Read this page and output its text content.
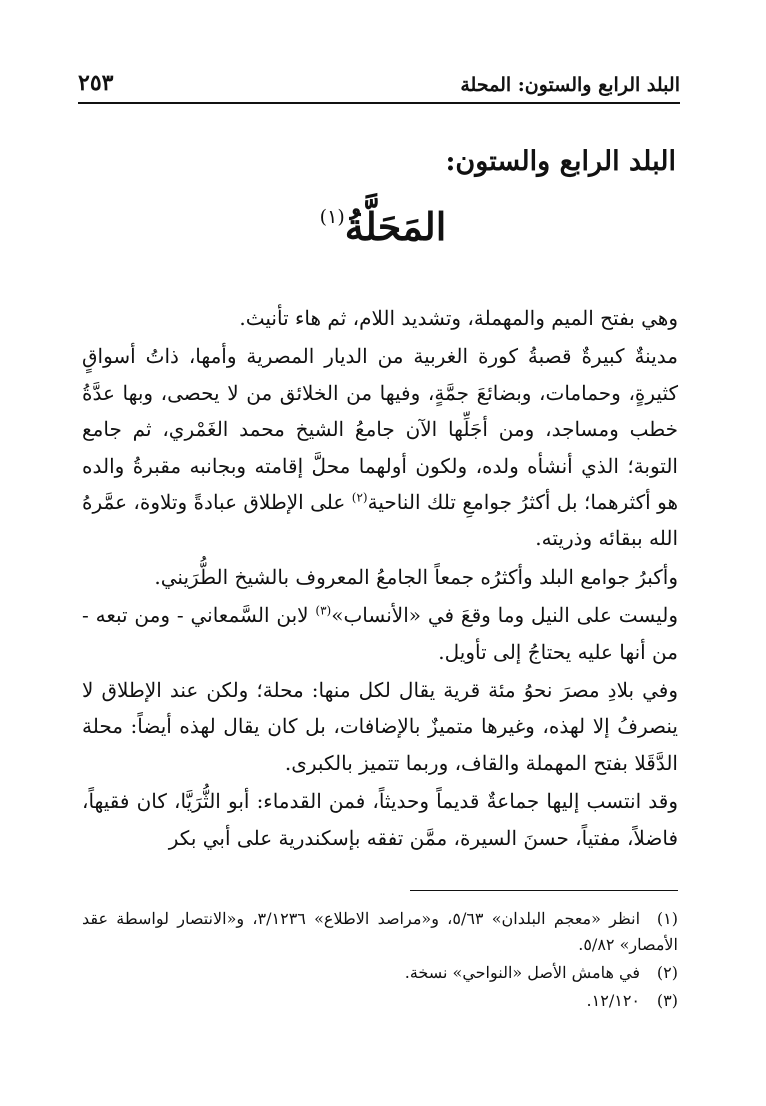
البلد الرابع والستون: المحلة
٢٥٣
البلد الرابع والستون:
المَحَلَّةُ$^{(١)}$

وهي بفتح الميم والمهملة، وتشديد اللام، ثم هاء تأنيث.

مدينةٌ كبيرةٌ قصبةُ كورة الغربية من الديار المصرية وأمها، ذاتُ أسواقٍ كثيرةٍ، وحمامات، وبضائعَ جمَّةٍ، وفيها من الخلائق من لا يحصى، وبها عدَّةُ خطب ومساجد، ومن أجَلِّها الآن جامعُ الشيخ محمد الغَمْري، ثم جامع التوبة؛ الذي أنشأه ولده، ولكون أولهما محلَّ إقامته وبجانبه مقبرةُ والده هو أكثرهما؛ بل أكثرُ جوامعِ تلك الناحية$^{(٢)}$ على الإطلاق عبادةً وتلاوة، عمَّرهُ الله ببقائه وذريته.

وأكبرُ جوامع البلد وأكثرُه جمعاً الجامعُ المعروف بالشيخ الطُّرَيني.

وليست على النيل وما وقعَ في «الأنساب»$^{(٣)}$ لابن السَّمعاني - ومن تبعه - من أنها عليه يحتاجُ إلى تأويل.

وفي بلادِ مصرَ نحوُ مئة قرية يقال لكل منها: محلة؛ ولكن عند الإطلاق لا ينصرفُ إلا لهذه، وغيرها متميزٌ بالإضافات، بل كان يقال لهذه أيضاً: محلة الدَّقَلا بفتح المهملة والقاف، وربما تتميز بالكبرى.

وقد انتسب إليها جماعةٌ قديماً وحديثاً، فمن القدماء: أبو الثُّرَيَّا، كان فقيهاً، فاضلاً، مفتياً، حسنَ السيرة، ممَّن تفقه بإسكندرية على أبي بكر

(١)انظر «معجم البلدان» ٥/٦٣، و«مراصد الاطلاع» ٣/١٢٣٦، و«الانتصار لواسطة عقد الأمصار» ٥/٨٢.

(٢)في هامش الأصل «النواحي» نسخة.

(٣)١٢/١٢٠.
